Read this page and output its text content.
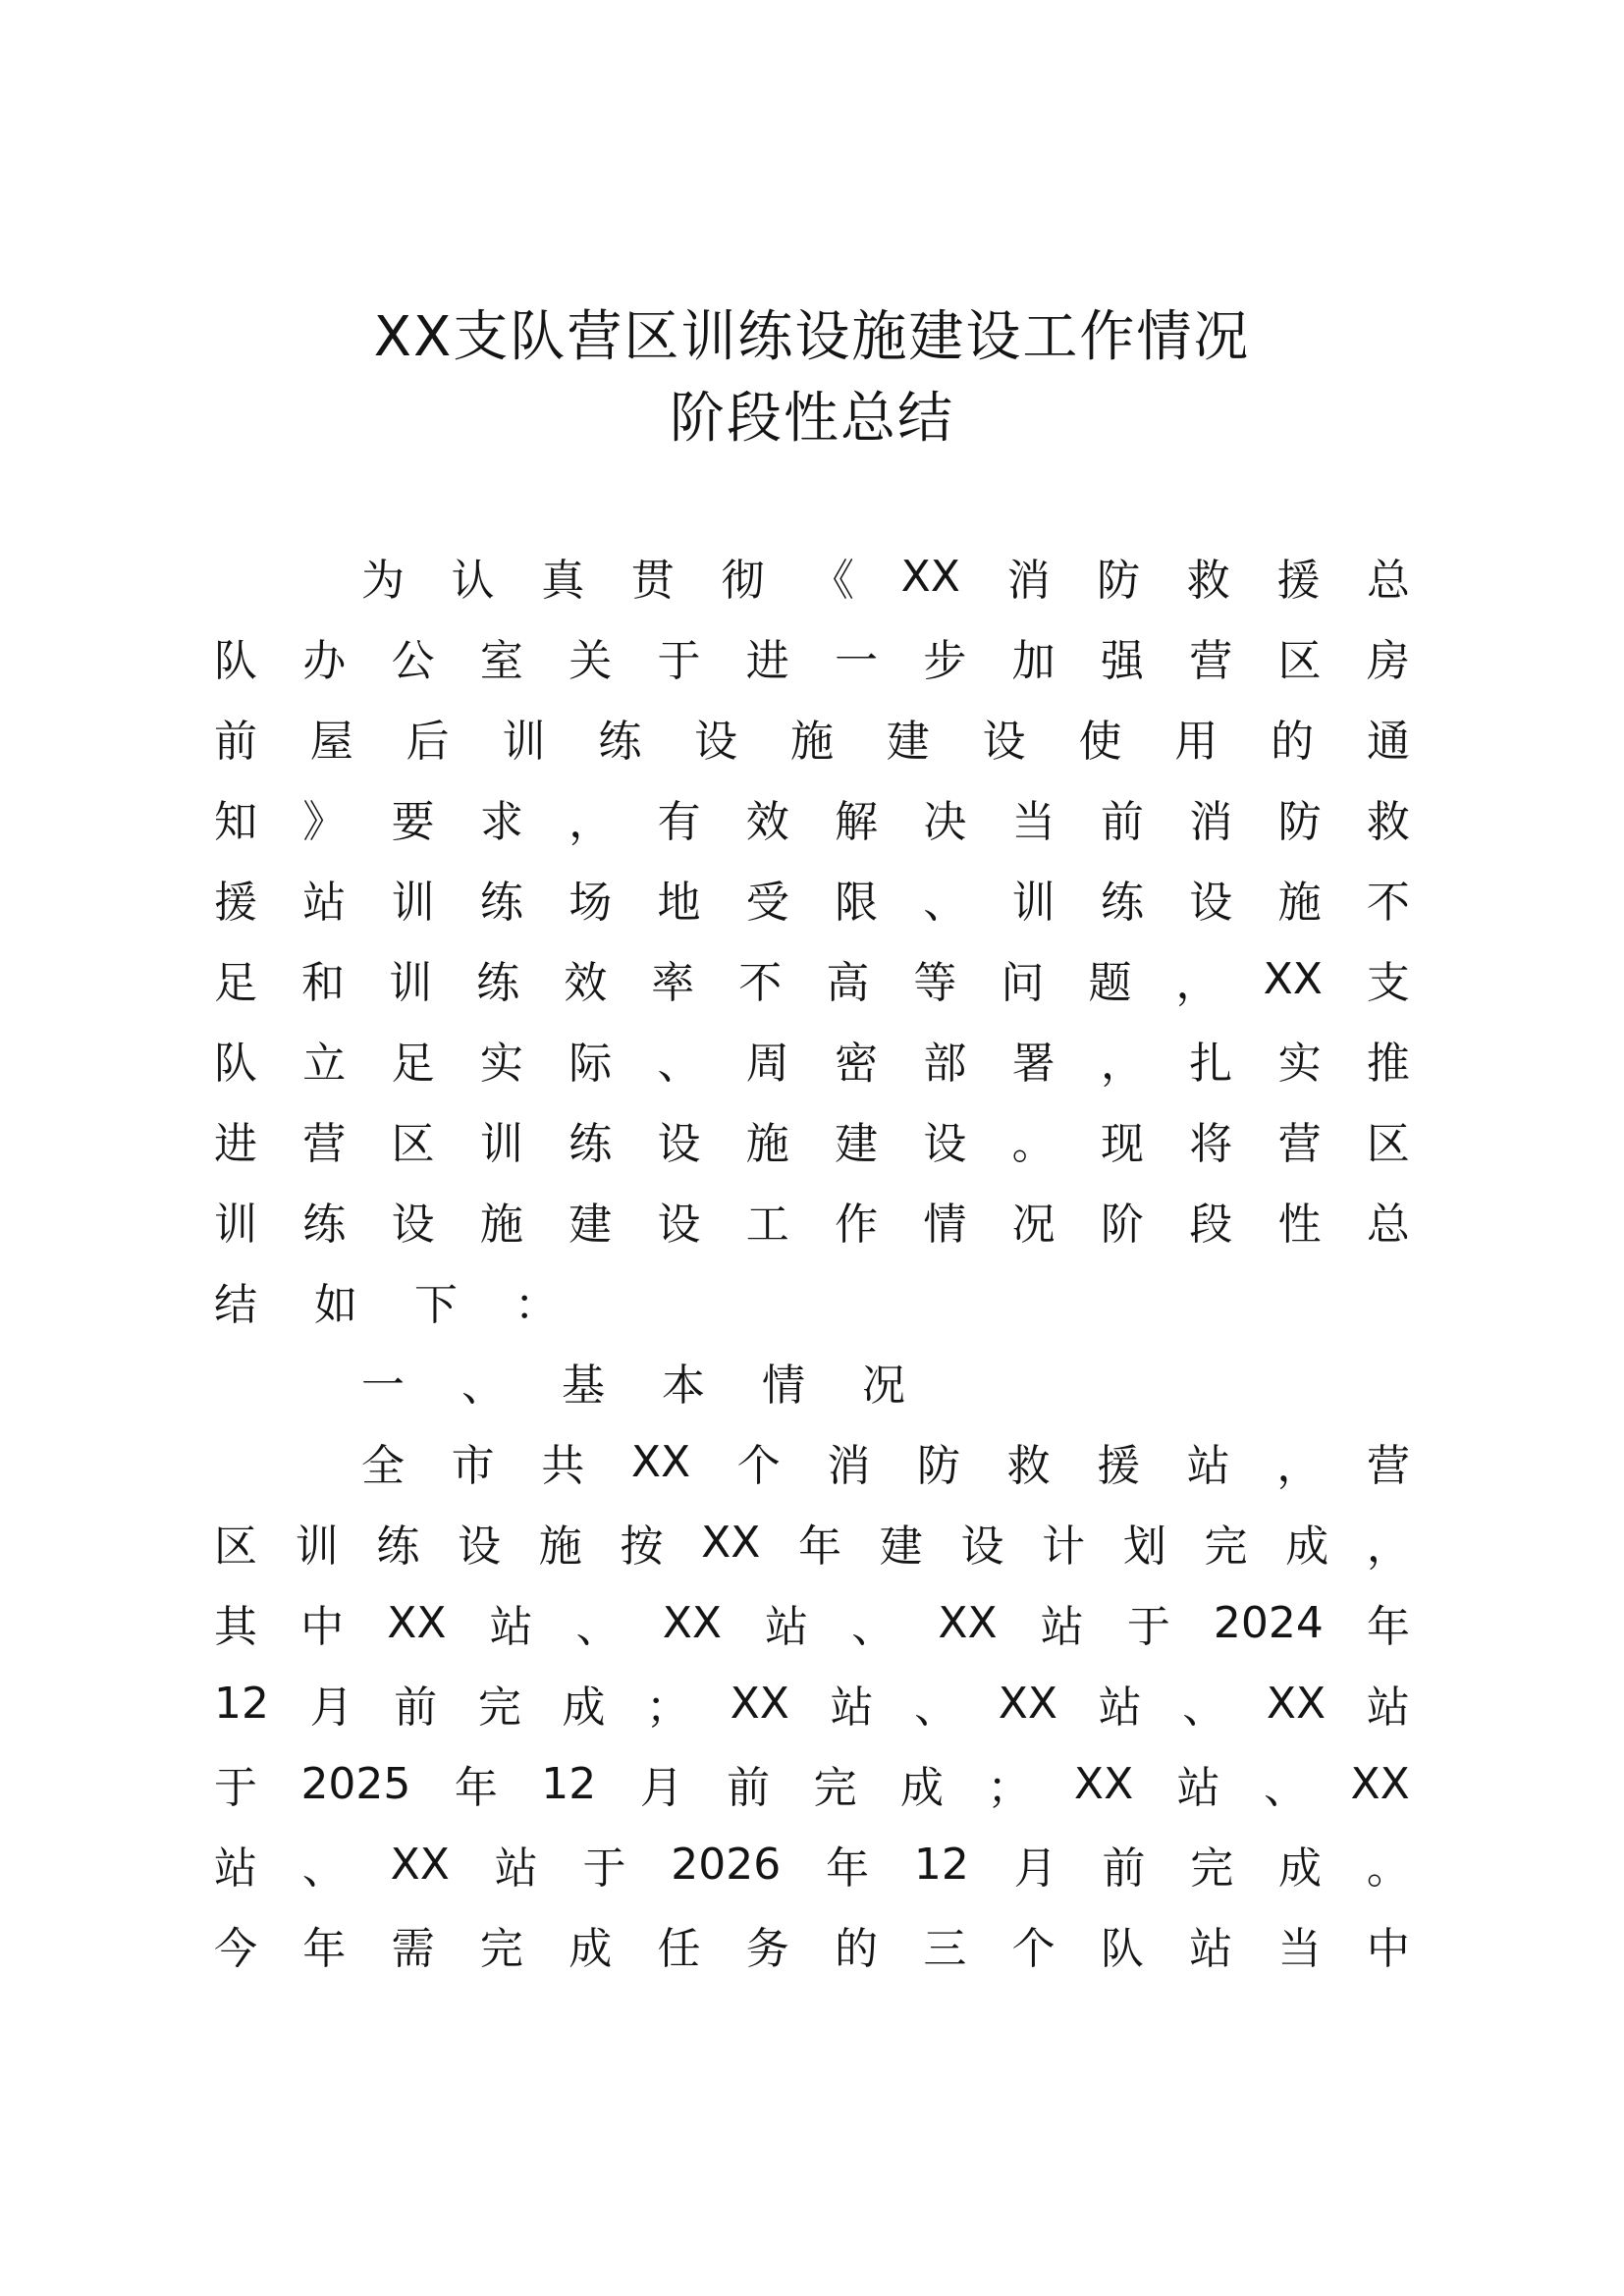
XX支队营区训练设施建设工作情况
阶段性总结
为 认 真 贯 彻 《 XX 消 防 救 援 总
队 办 公 室 关 于 进 一 步 加 强 营 区 房
前 屋 后 训 练 设 施 建 设 使 用 的 通
知 》 要 求 ， 有 效 解 决 当 前 消 防 救
援 站 训 练 场 地 受 限 、 训 练 设 施 不
足 和 训 练 效 率 不 高 等 问 题 ， XX 支
队 立 足 实 际 、 周 密 部 署 ， 扎 实 推
进 营 区 训 练 设 施 建 设 。 现 将 营 区
训 练 设 施 建 设 工 作 情 况 阶 段 性 总
结 如 下 ：
一 、 基 本 情 况
全 市 共 XX 个 消 防 救 援 站 ， 营
区 训 练 设 施 按 XX 年 建 设 计 划 完 成 ，
其 中 XX 站 、 XX 站 、 XX 站 于 2024 年
12 月 前 完 成 ； XX 站 、 XX 站 、 XX 站
于 2025 年 12 月 前 完 成 ； XX 站 、 XX
站 、 XX 站 于 2026 年 12 月 前 完 成 。
今 年 需 完 成 任 务 的 三 个 队 站 当 中
